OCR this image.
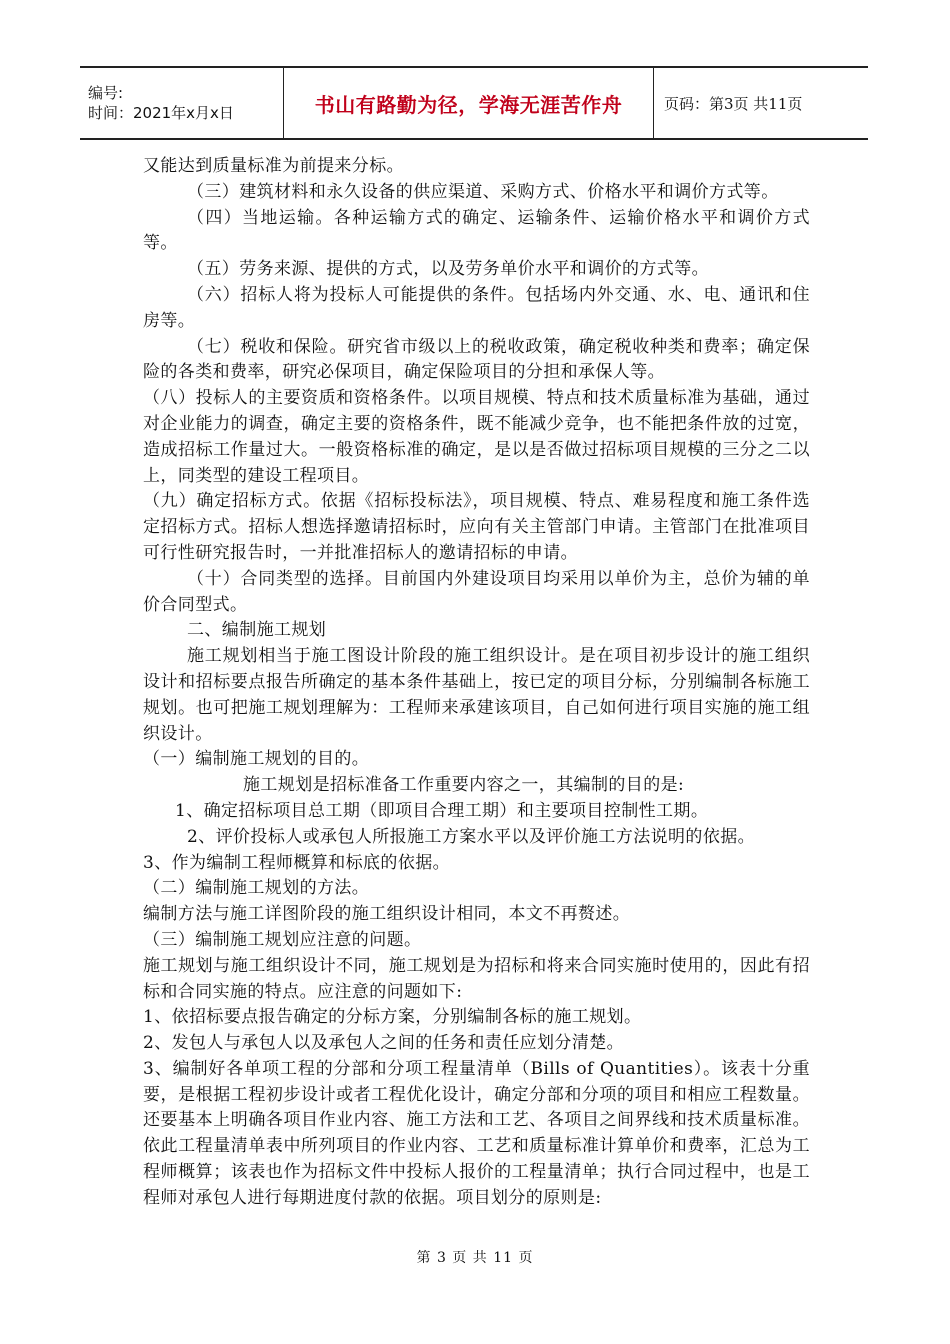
编号:
时间：2021年x月x日	书山有路勤为径，学海无涯苦作舟	页码：第3页 共11页

又能达到质量标准为前提来分标。

（三）建筑材料和永久设备的供应渠道、采购方式、价格水平和调价方式等。

（四）当地运输。各种运输方式的确定、运输条件、运输价格水平和调价方式等。

（五）劳务来源、提供的方式，以及劳务单价水平和调价的方式等。

（六）招标人将为投标人可能提供的条件。包括场内外交通、水、电、通讯和住房等。

（七）税收和保险。研究省市级以上的税收政策，确定税收种类和费率；确定保险的各类和费率，研究必保项目，确定保险项目的分担和承保人等。

（八）投标人的主要资质和资格条件。以项目规模、特点和技术质量标准为基础，通过对企业能力的调查，确定主要的资格条件，既不能减少竞争，也不能把条件放的过宽，造成招标工作量过大。一般资格标准的确定，是以是否做过招标项目规模的三分之二以上，同类型的建设工程项目。

（九）确定招标方式。依据《招标投标法》，项目规模、特点、难易程度和施工条件选定招标方式。招标人想选择邀请招标时，应向有关主管部门申请。主管部门在批准项目可行性研究报告时，一并批准招标人的邀请招标的申请。

（十）合同类型的选择。目前国内外建设项目均采用以单价为主，总价为辅的单价合同型式。

二、编制施工规划

施工规划相当于施工图设计阶段的施工组织设计。是在项目初步设计的施工组织设计和招标要点报告所确定的基本条件基础上，按已定的项目分标，分别编制各标施工规划。也可把施工规划理解为：工程师来承建该项目，自己如何进行项目实施的施工组织设计。

（一）编制施工规划的目的。

施工规划是招标准备工作重要内容之一，其编制的目的是:

1、确定招标项目总工期（即项目合理工期）和主要项目控制性工期。

2、评价投标人或承包人所报施工方案水平以及评价施工方法说明的依据。

3、作为编制工程师概算和标底的依据。

（二）编制施工规划的方法。

编制方法与施工详图阶段的施工组织设计相同，本文不再赘述。

（三）编制施工规划应注意的问题。

施工规划与施工组织设计不同，施工规划是为招标和将来合同实施时使用的，因此有招标和合同实施的特点。应注意的问题如下:

1、依招标要点报告确定的分标方案，分别编制各标的施工规划。

2、发包人与承包人以及承包人之间的任务和责任应划分清楚。

3、编制好各单项工程的分部和分项工程量清单（Bills of Quantities）。该表十分重要，是根据工程初步设计或者工程优化设计，确定分部和分项的项目和相应工程数量。还要基本上明确各项目作业内容、施工方法和工艺、各项目之间界线和技术质量标准。依此工程量清单表中所列项目的作业内容、工艺和质量标准计算单价和费率，汇总为工程师概算；该表也作为招标文件中投标人报价的工程量清单；执行合同过程中，也是工程师对承包人进行每期进度付款的依据。项目划分的原则是:

第 3 页 共 11 页
